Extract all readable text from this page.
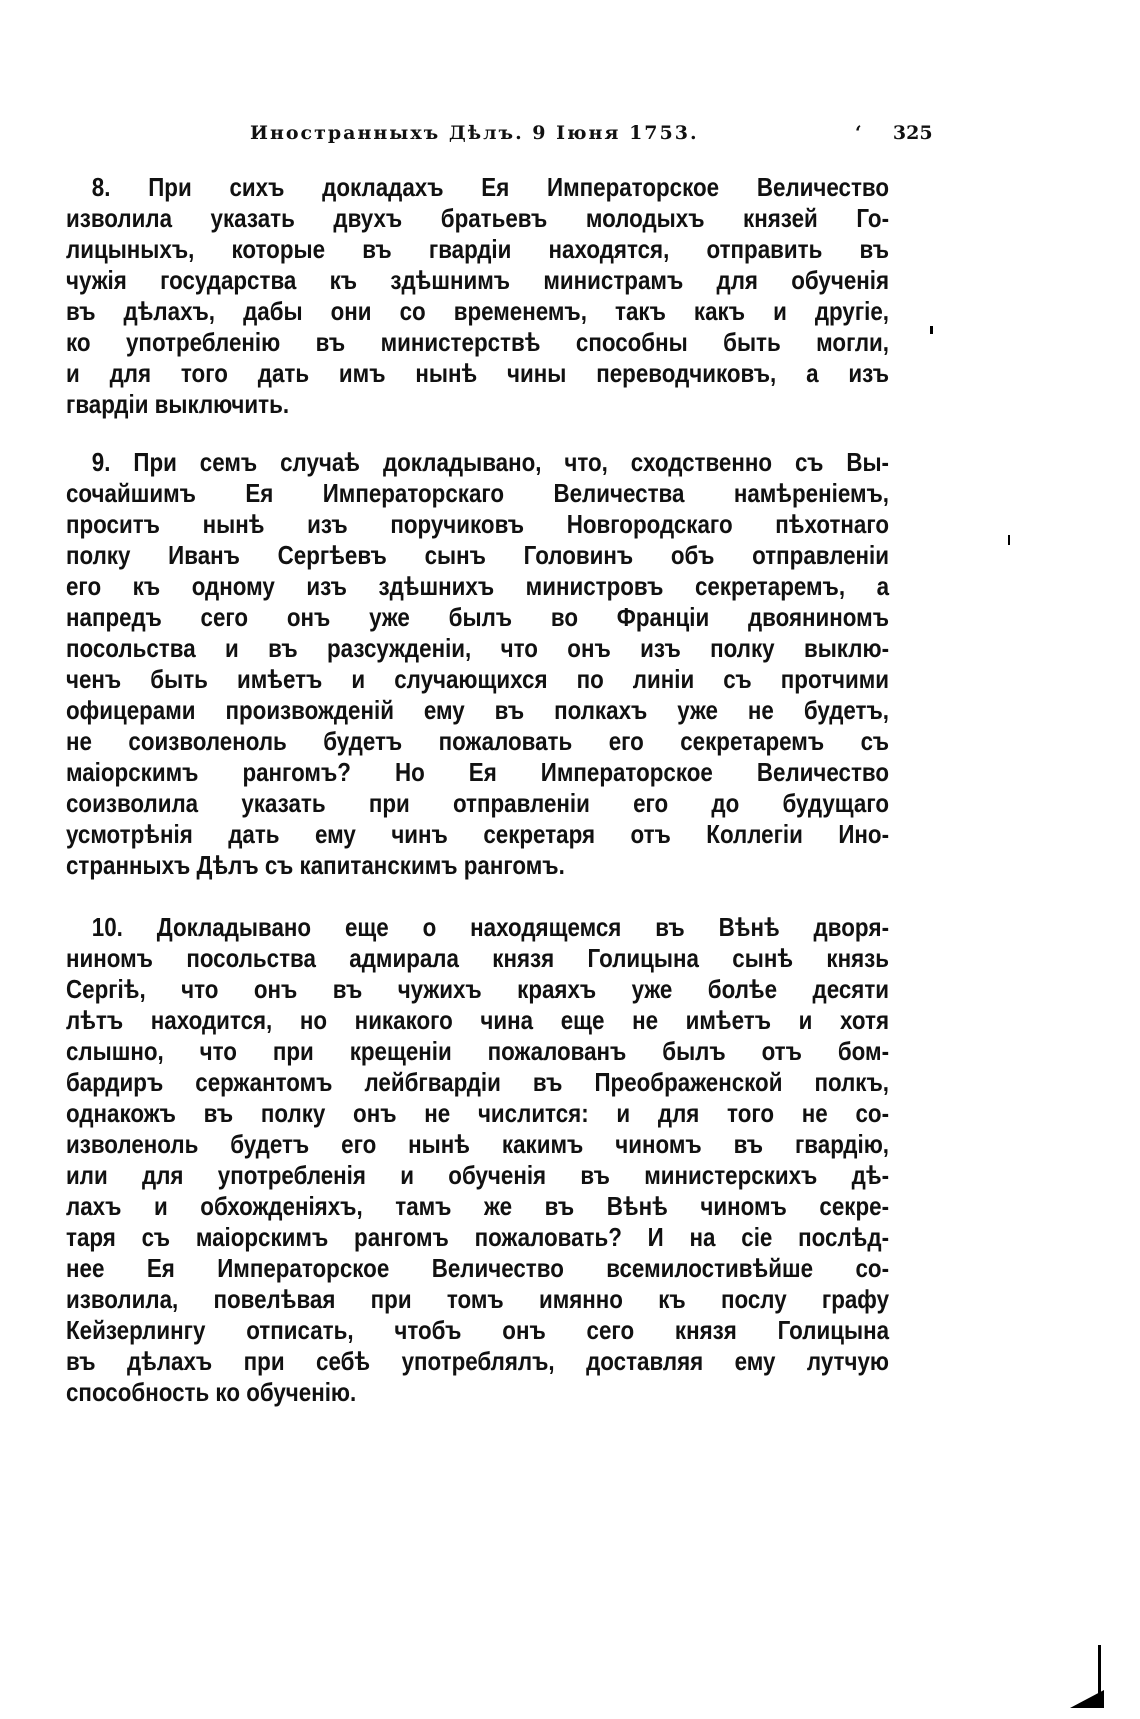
Иностранныхъ Дѣлъ. 9 Іюня 1753.	‘ 325
8. При сихъ докладахъ Ея Императорское Величество
изволила указать двухъ братьевъ молодыхъ князей Го-
лицыныхъ, которые въ гвардіи находятся, отправить въ
чужія государства къ здѣшнимъ министрамъ для обученія
въ дѣлахъ, дабы они со временемъ, такъ какъ и другіе,
ко употребленію въ министерствѣ способны быть могли,
и для того дать имъ нынѣ чины переводчиковъ, а изъ
гвардіи выключить.
9. При семъ случаѣ докладывано, что, сходственно съ Вы-
сочайшимъ Ея Императорскаго Величества намѣреніемъ,
проситъ нынѣ изъ поручиковъ Новгородскаго пѣхотнаго
полку Иванъ Сергѣевъ сынъ Головинъ объ отправленіи
его къ одному изъ здѣшнихъ министровъ секретаремъ, а
напредъ сего онъ уже былъ во Франціи двояниномъ
посольства и въ разсужденіи, что онъ изъ полку выклю-
ченъ быть имѣетъ и случающихся по линіи съ протчими
офицерами произвожденій ему въ полкахъ уже не будетъ,
не соизволеноль будетъ пожаловать его секретаремъ съ
маіорскимъ рангомъ? Но Ея Императорское Величество
соизволила указать при отправленіи его до будущаго
усмотрѣнія дать ему чинъ секретаря отъ Коллегіи Ино-
странныхъ Дѣлъ съ капитанскимъ рангомъ.
10. Докладывано еще о находящемся въ Вѣнѣ двоpя-
ниномъ посольства адмирала князя Голицына сынѣ князь
Сергіѣ, что онъ въ чужихъ краяхъ уже болѣе десяти
лѣтъ находится, но никакого чина еще не имѣетъ и хотя
слышно, что при крещеніи пожалованъ былъ отъ бом-
бардиръ сержантомъ лейбгвардіи въ Преображенской полкъ,
однакожъ въ полку онъ не числится: и для того не со-
изволеноль будетъ его нынѣ какимъ чиномъ въ гвардію,
или для употребленія и обученія въ министерскихъ дѣ-
лахъ и обхожденіяхъ, тамъ же въ Вѣнѣ чиномъ секре-
таря съ маіорскимъ рангомъ пожаловать? И на сіе послѣд-
нее Ея Императорское Величество всемилостивѣйше со-
изволила, повелѣвая при томъ имянно къ послу графу
Кейзерлингу отписать, чтобъ онъ сего князя Голицына
въ дѣлахъ при себѣ употреблялъ, доставляя ему лутчую
способность ко обученію.
